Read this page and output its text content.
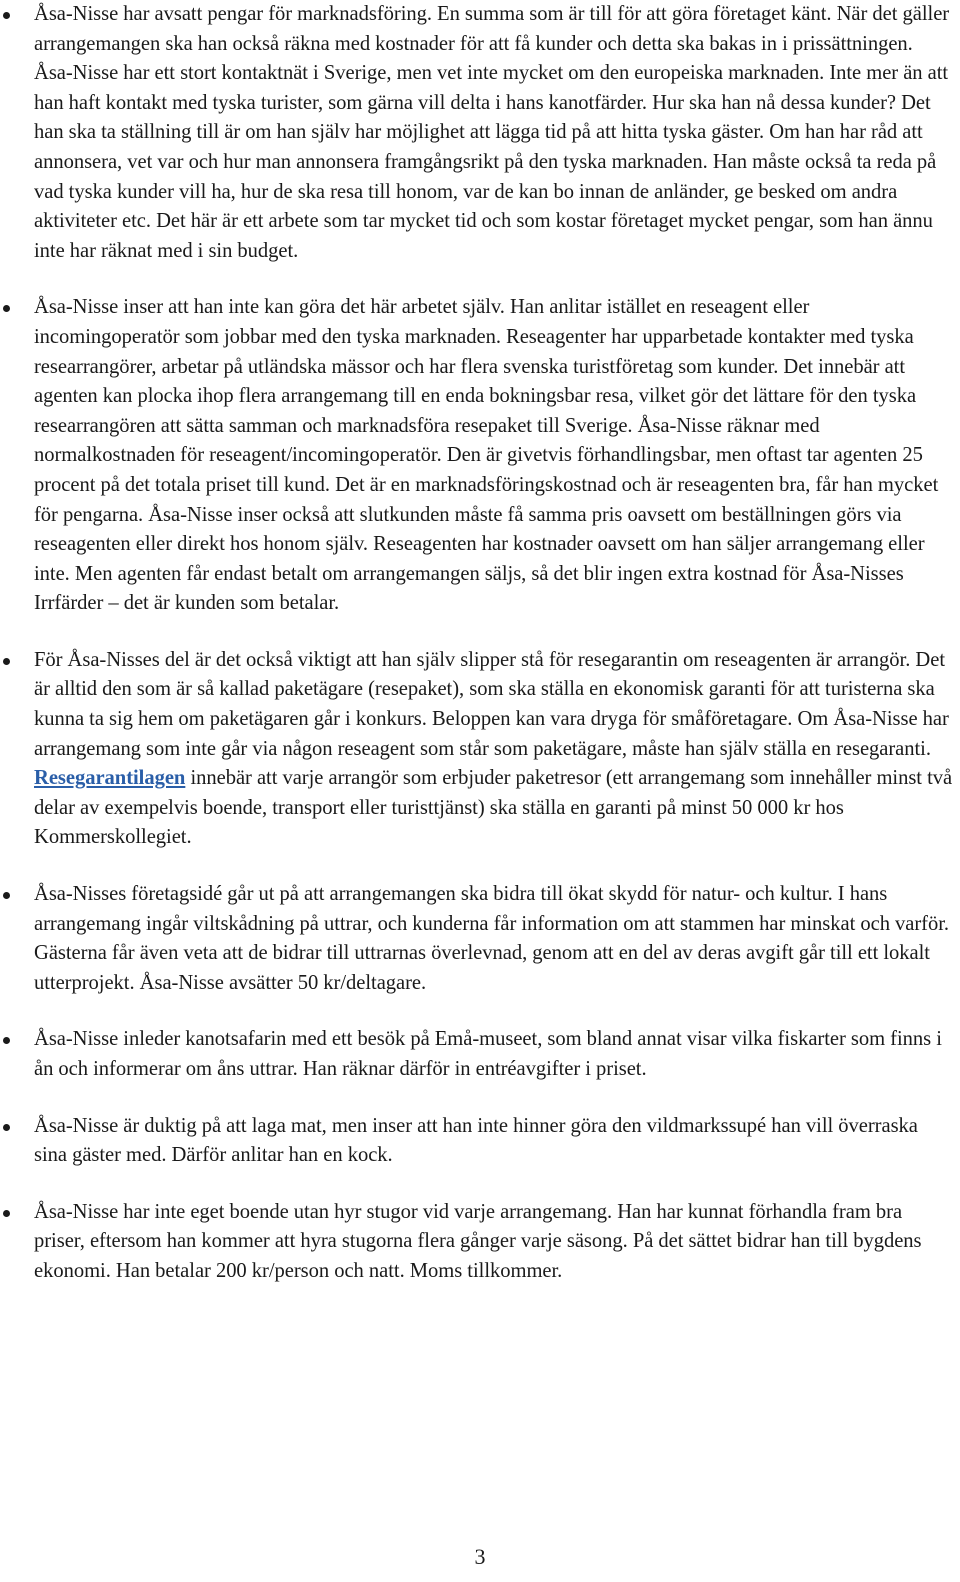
Åsa-Nisse har avsatt pengar för marknadsföring. En summa som är till för att göra företaget känt. När det gäller arrangemangen ska han också räkna med kostnader för att få kunder och detta ska bakas in i prissättningen. Åsa-Nisse har ett stort kontaktnät i Sverige, men vet inte mycket om den europeiska marknaden. Inte mer än att han haft kontakt med tyska turister, som gärna vill delta i hans kanotfärder. Hur ska han nå dessa kunder? Det han ska ta ställning till är om han själv har möjlighet att lägga tid på att hitta tyska gäster. Om han har råd att annonsera, vet var och hur man annonsera framgångsrikt på den tyska marknaden. Han måste också ta reda på vad tyska kunder vill ha, hur de ska resa till honom, var de kan bo innan de anländer, ge besked om andra aktiviteter etc. Det här är ett arbete som tar mycket tid och som kostar företaget mycket pengar, som han ännu inte har räknat med i sin budget.
Åsa-Nisse inser att han inte kan göra det här arbetet själv. Han anlitar istället en reseagent eller incomingoperatör som jobbar med den tyska marknaden. Reseagenter har upparbetade kontakter med tyska researrangörer, arbetar på utländska mässor och har flera svenska turistföretag som kunder. Det innebär att agenten kan plocka ihop flera arrangemang till en enda bokningsbar resa, vilket gör det lättare för den tyska researrangören att sätta samman och marknadsföra resepaket till Sverige. Åsa-Nisse räknar med normalkostnaden för reseagent/incomingoperatör. Den är givetvis förhandlingsbar, men oftast tar agenten 25 procent på det totala priset till kund. Det är en marknadsföringskostnad och är reseagenten bra, får han mycket för pengarna. Åsa-Nisse inser också att slutkunden måste få samma pris oavsett om beställningen görs via reseagenten eller direkt hos honom själv. Reseagenten har kostnader oavsett om han säljer arrangemang eller inte. Men agenten får endast betalt om arrangemangen säljs, så det blir ingen extra kostnad för Åsa-Nisses Irrfärder – det är kunden som betalar.
För Åsa-Nisses del är det också viktigt att han själv slipper stå för resegarantin om reseagenten är arrangör. Det är alltid den som är så kallad paketägare (resepaket), som ska ställa en ekonomisk garanti för att turisterna ska kunna ta sig hem om paketägaren går i konkurs. Beloppen kan vara dryga för småföretagare. Om Åsa-Nisse har arrangemang som inte går via någon reseagent som står som paketägare, måste han själv ställa en resegaranti. Resegarantilagen innebär att varje arrangör som erbjuder paketresor (ett arrangemang som innehåller minst två delar av exempelvis boende, transport eller turisttjänst) ska ställa en garanti på minst 50 000 kr hos Kommerskollegiet.
Åsa-Nisses företagsidé går ut på att arrangemangen ska bidra till ökat skydd för natur- och kultur. I hans arrangemang ingår viltskådning på uttrar, och kunderna får information om att stammen har minskat och varför. Gästerna får även veta att de bidrar till uttrarnas överlevnad, genom att en del av deras avgift går till ett lokalt utterprojekt. Åsa-Nisse avsätter 50 kr/deltagare.
Åsa-Nisse inleder kanotsafarin med ett besök på Emå-museet, som bland annat visar vilka fiskarter som finns i ån och informerar om åns uttrar. Han räknar därför in entréavgifter i priset.
Åsa-Nisse är duktig på att laga mat, men inser att han inte hinner göra den vildmarkssupé han vill överraska sina gäster med. Därför anlitar han en kock.
Åsa-Nisse har inte eget boende utan hyr stugor vid varje arrangemang. Han har kunnat förhandla fram bra priser, eftersom han kommer att hyra stugorna flera gånger varje säsong. På det sättet bidrar han till bygdens ekonomi. Han betalar 200 kr/person och natt. Moms tillkommer.
3
